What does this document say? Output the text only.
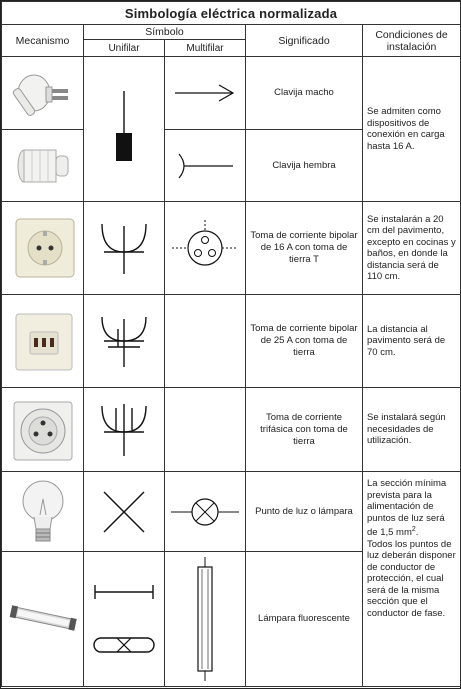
Simbología eléctrica normalizada				
Mecanismo	Símbolo		Significado	Condiciones de instalación
	Unifilar	Multifilar		

	Clavija macho	Se admiten como dispositivos de conexión en carga hasta 16 A.

	Clavija hembra	

	Toma de corriente bipolar de 16 A con toma de tierra T	Se instalarán a 20 cm del pavimento, excepto en cocinas y baños, en donde la distancia será de 110 cm.

		Toma de corriente bipolar de 25 A con toma de tierra	La distancia al pavimento será de 70 cm.

		Toma de corriente trifásica con toma de tierra	Se instalará según necesidades de utilización.

	Punto de luz o lámpara	La sección mínima prevista para la alimentación de puntos de luz será de 1,5 $mm^2$.
Todos los puntos de luz deberán disponer de conductor de protección, el cual será de la misma sección que el conductor de fase.

	Lámpara fluorescente	
